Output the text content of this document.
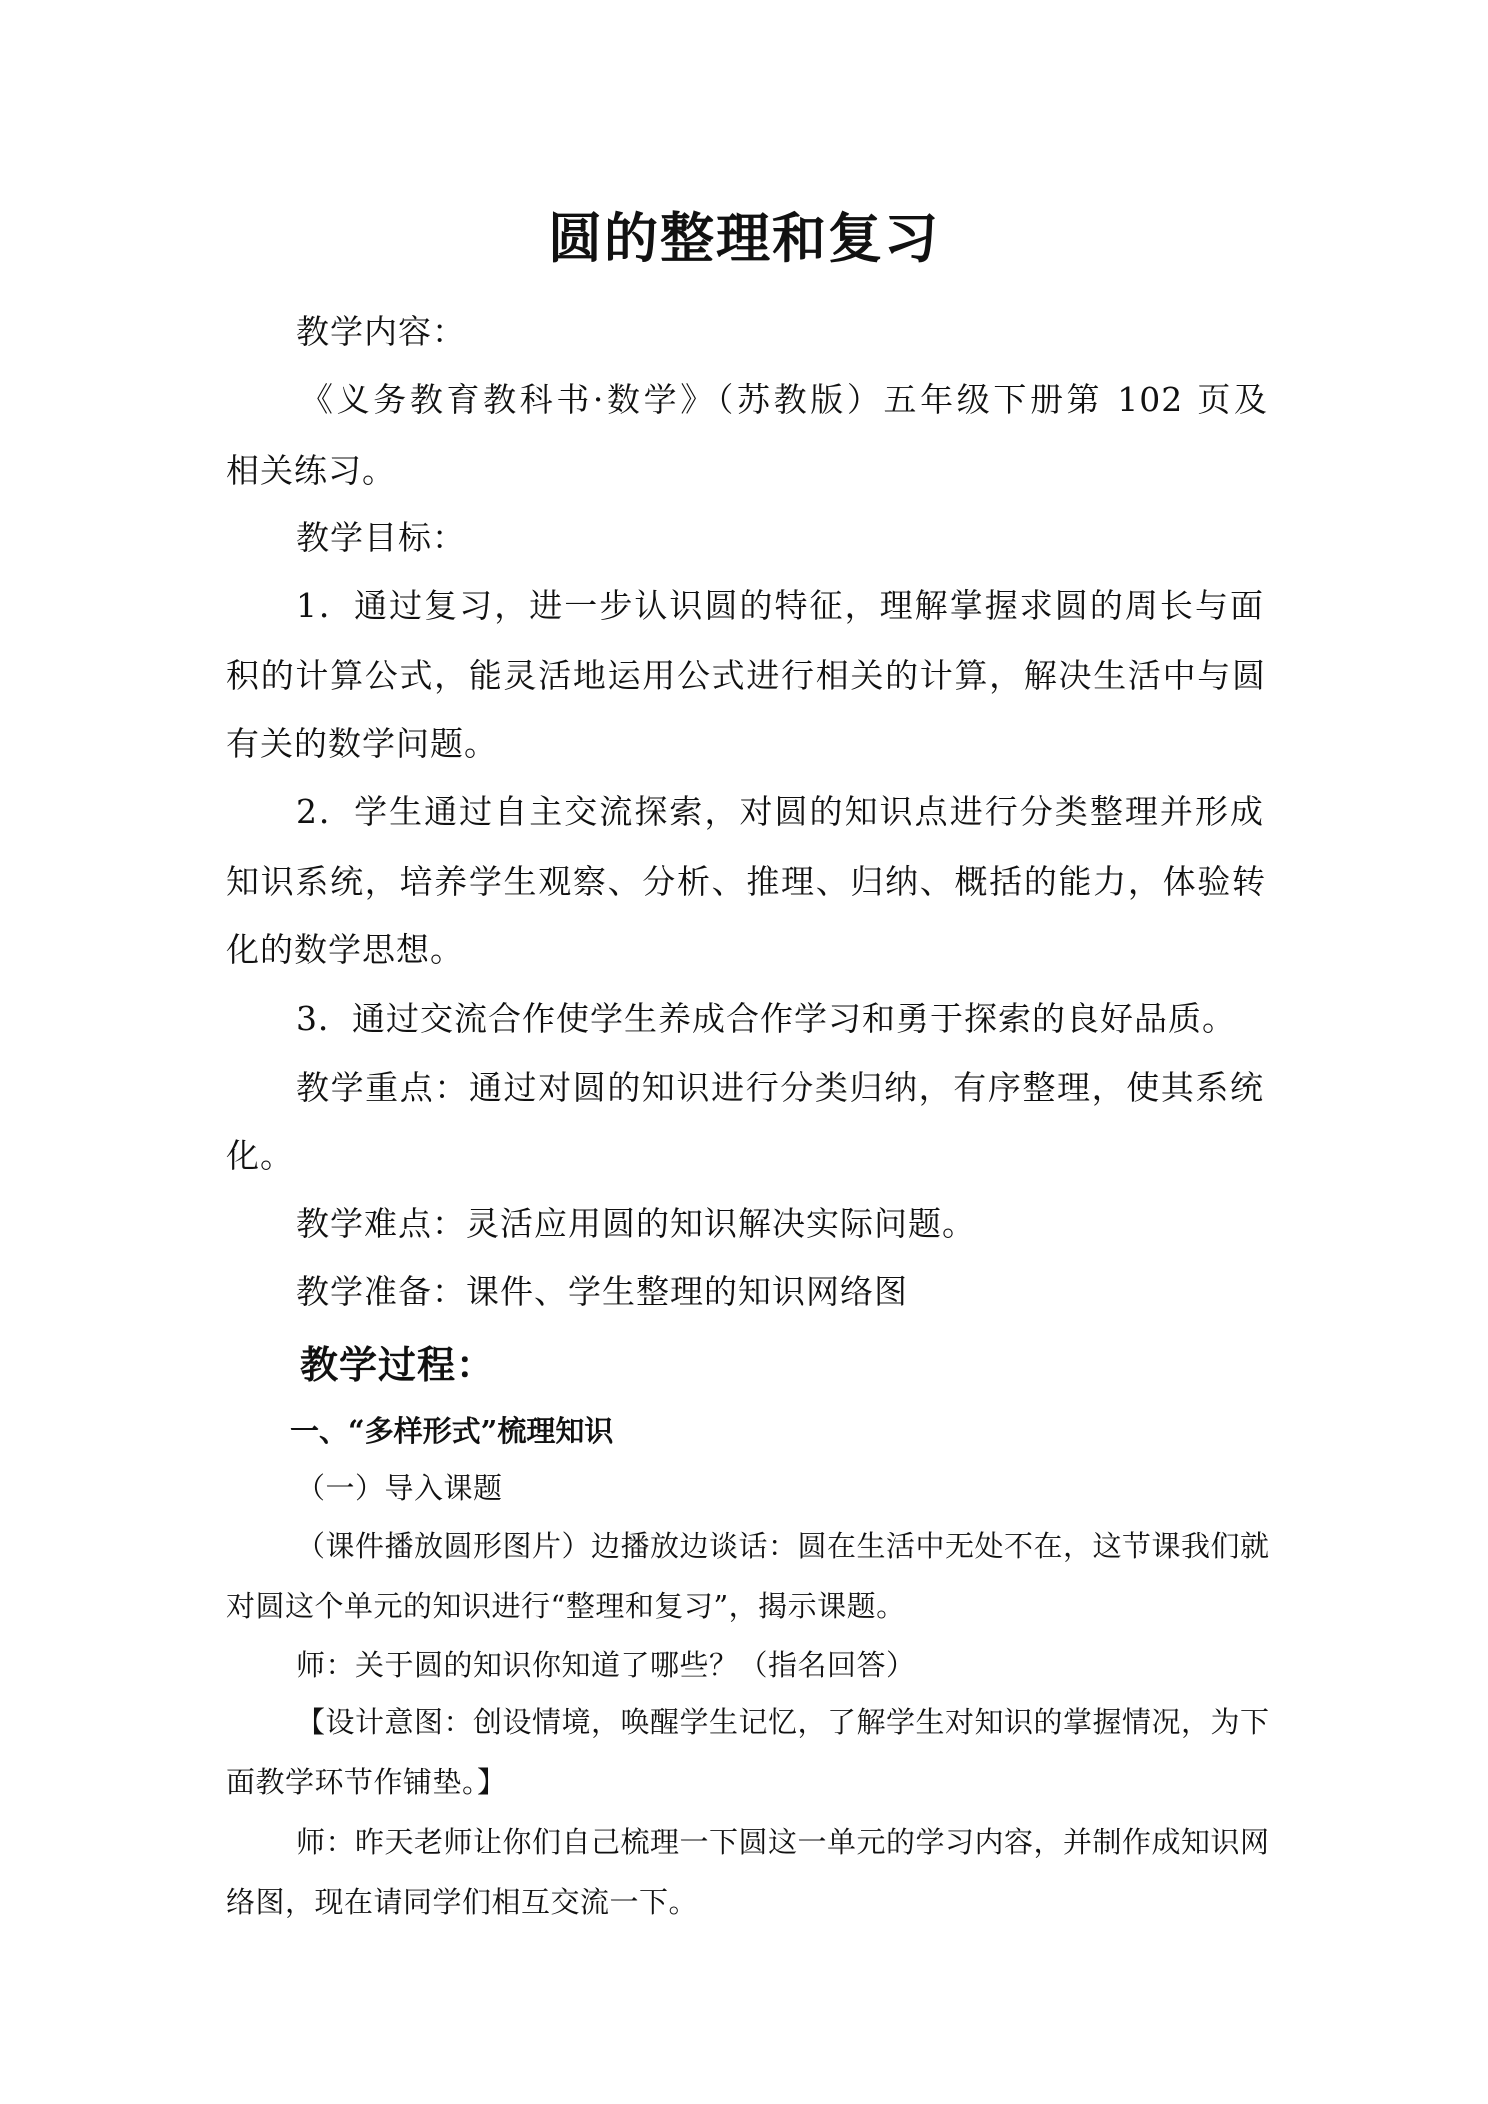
圆的整理和复习

教学内容：

《义务教育教科书·数学》（苏教版）五年级下册第 102 页及

相关练习。

教学目标：

1．通过复习，进一步认识圆的特征，理解掌握求圆的周长与面

积的计算公式，能灵活地运用公式进行相关的计算，解决生活中与圆

有关的数学问题。

2．学生通过自主交流探索，对圆的知识点进行分类整理并形成

知识系统，培养学生观察、分析、推理、归纳、概括的能力，体验转

化的数学思想。

3．通过交流合作使学生养成合作学习和勇于探索的良好品质。

教学重点：通过对圆的知识进行分类归纳，有序整理，使其系统

化。

教学难点：灵活应用圆的知识解决实际问题。

教学准备：课件、学生整理的知识网络图

教学过程：

一、“多样形式”梳理知识

（一）导入课题

（课件播放圆形图片）边播放边谈话：圆在生活中无处不在，这节课我们就

对圆这个单元的知识进行“整理和复习”，揭示课题。

师：关于圆的知识你知道了哪些？（指名回答）

【设计意图：创设情境，唤醒学生记忆，了解学生对知识的掌握情况，为下

面教学环节作铺垫。】

师：昨天老师让你们自己梳理一下圆这一单元的学习内容，并制作成知识网

络图，现在请同学们相互交流一下。
